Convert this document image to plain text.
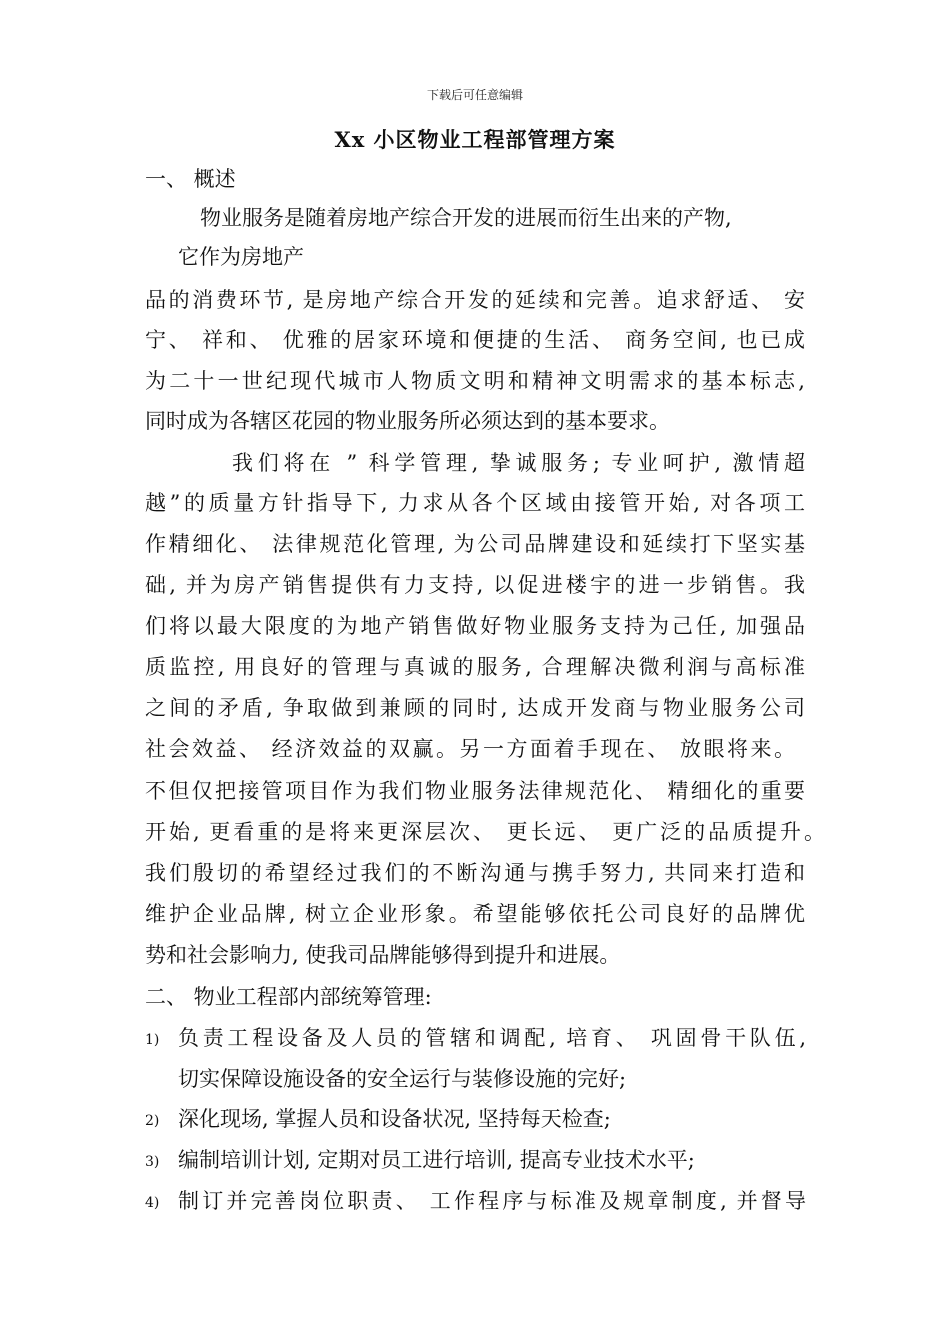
下载后可任意编辑
Xx 小区物业工程部管理方案
一、 概述
物业服务是随着房地产综合开发的进展而衍生出来的产物,
它作为房地产
品的消费环节, 是房地产综合开发的延续和完善。追求舒适、 安
宁、 祥和、 优雅的居家环境和便捷的生活、 商务空间, 也已成
为二十一世纪现代城市人物质文明和精神文明需求的基本标志,
同时成为各辖区花园的物业服务所必须达到的基本要求。
我们将在 ” 科学管理, 挚诚服务; 专业呵护, 激情超
越”的质量方针指导下, 力求从各个区域由接管开始, 对各项工
作精细化、 法律规范化管理, 为公司品牌建设和延续打下坚实基
础, 并为房产销售提供有力支持, 以促进楼宇的进一步销售。我
们将以最大限度的为地产销售做好物业服务支持为己任, 加强品
质监控, 用良好的管理与真诚的服务, 合理解决微利润与高标准
之间的矛盾, 争取做到兼顾的同时, 达成开发商与物业服务公司
社会效益、 经济效益的双赢。另一方面着手现在、 放眼将来。
不但仅把接管项目作为我们物业服务法律规范化、 精细化的重要
开始, 更看重的是将来更深层次、 更长远、 更广泛的品质提升。
我们殷切的希望经过我们的不断沟通与携手努力, 共同来打造和
维护企业品牌, 树立企业形象。希望能够依托公司良好的品牌优
势和社会影响力, 使我司品牌能够得到提升和进展。
二、 物业工程部内部统筹管理:
1) 负责工程设备及人员的管辖和调配, 培育、 巩固骨干队伍,
切实保障设施设备的安全运行与装修设施的完好;
2) 深化现场, 掌握人员和设备状况, 坚持每天检查;
3) 编制培训计划, 定期对员工进行培训, 提高专业技术水平;
4) 制订并完善岗位职责、 工作程序与标准及规章制度, 并督导
